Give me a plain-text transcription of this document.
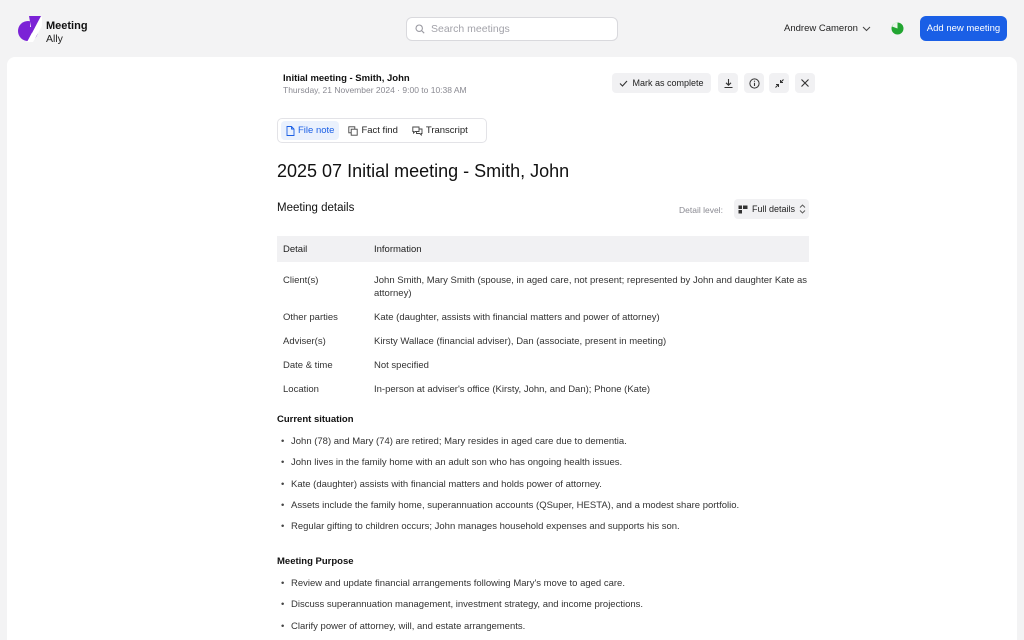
Meeting
Ally
Search meetings
Andrew Cameron	Add new meeting
Initial meeting - Smith, John
Thursday, 21 November 2024 · 9:00 to 10:38 AM
Mark as complete
File note	Fact find	Transcript
2025 07 Initial meeting - Smith, John
Meeting details	Detail level:	Full details
Detail	Information
Client(s)	John Smith, Mary Smith (spouse, in aged care, not present; represented by John and daughter Kate as attorney)
Other parties	Kate (daughter, assists with financial matters and power of attorney)
Adviser(s)	Kirsty Wallace (financial adviser), Dan (associate, present in meeting)
Date & time	Not specified
Location	In-person at adviser's office (Kirsty, John, and Dan); Phone (Kate)
Current situation
• John (78) and Mary (74) are retired; Mary resides in aged care due to dementia.
• John lives in the family home with an adult son who has ongoing health issues.
• Kate (daughter) assists with financial matters and holds power of attorney.
• Assets include the family home, superannuation accounts (QSuper, HESTA), and a modest share portfolio.
• Regular gifting to children occurs; John manages household expenses and supports his son.
Meeting Purpose
• Review and update financial arrangements following Mary's move to aged care.
• Discuss superannuation management, investment strategy, and income projections.
• Clarify power of attorney, will, and estate arrangements.
